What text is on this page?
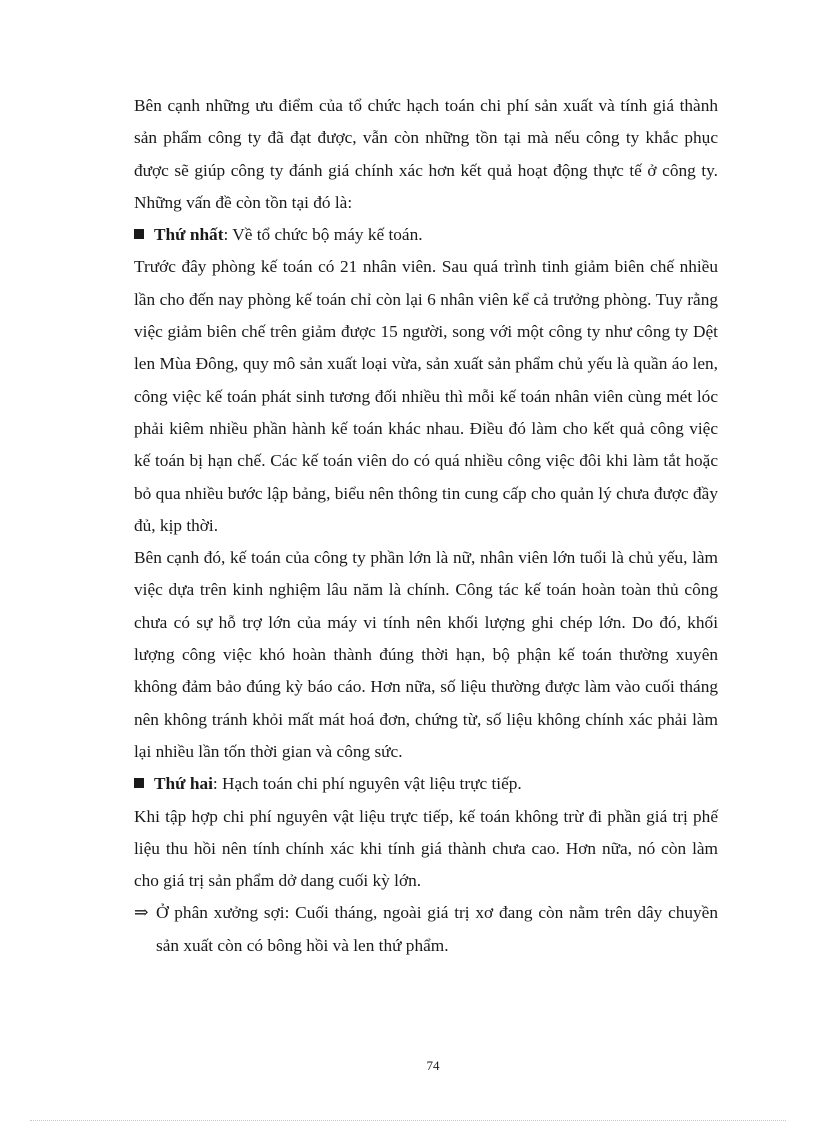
Bên cạnh những ưu điểm của tổ chức hạch toán chi phí sản xuất và tính giá thành sản phẩm công ty đã đạt được, vẫn còn những tồn tại mà nếu công ty khắc phục được sẽ giúp công ty đánh giá chính xác hơn kết quả hoạt động thực tế ở công ty. Những vấn đề còn tồn tại đó là:

Thứ nhất: Về tổ chức bộ máy kế toán.

Trước đây phòng kế toán có 21 nhân viên. Sau quá trình tinh giảm biên chế nhiều lần cho đến nay phòng kế toán chỉ còn lại 6 nhân viên kể cả trưởng phòng. Tuy rằng việc giảm biên chế trên giảm được 15 người, song với một công ty như công ty Dệt len Mùa Đông, quy mô sản xuất loại vừa, sản xuất sản phẩm chủ yếu là quần áo len, công việc kế toán phát sinh tương đối nhiều thì mỗi kế toán nhân viên cùng mét lóc phải kiêm nhiều phần hành kế toán khác nhau. Điều đó làm cho kết quả công việc kế toán bị hạn chế. Các kế toán viên do có quá nhiều công việc đôi khi làm tắt hoặc bỏ qua nhiều bước lập bảng, biểu nên thông tin cung cấp cho quản lý chưa được đầy đủ, kịp thời.

Bên cạnh đó, kế toán của công ty phần lớn là nữ, nhân viên lớn tuổi là chủ yếu, làm việc dựa trên kinh nghiệm lâu năm là chính. Công tác kế toán hoàn toàn thủ công chưa có sự hỗ trợ lớn của máy vi tính nên khối lượng ghi chép lớn. Do đó, khối lượng công việc khó hoàn thành đúng thời hạn, bộ phận kế toán thường xuyên không đảm bảo đúng kỳ báo cáo. Hơn nữa, số liệu thường được làm vào cuối tháng nên không tránh khỏi mất mát hoá đơn, chứng từ, số liệu không chính xác phải làm lại nhiều lần tốn thời gian và công sức.

Thứ hai: Hạch toán chi phí nguyên vật liệu trực tiếp.

Khi tập hợp chi phí nguyên vật liệu trực tiếp, kế toán không trừ đi phần giá trị phế liệu thu hồi nên tính chính xác khi tính giá thành chưa cao. Hơn nữa, nó còn làm cho giá trị sản phẩm dở dang cuối kỳ lớn.

⇒ Ở phân xưởng sợi: Cuối tháng, ngoài giá trị xơ đang còn nằm trên dây chuyền sản xuất còn có bông hồi và len thứ phẩm.

74
